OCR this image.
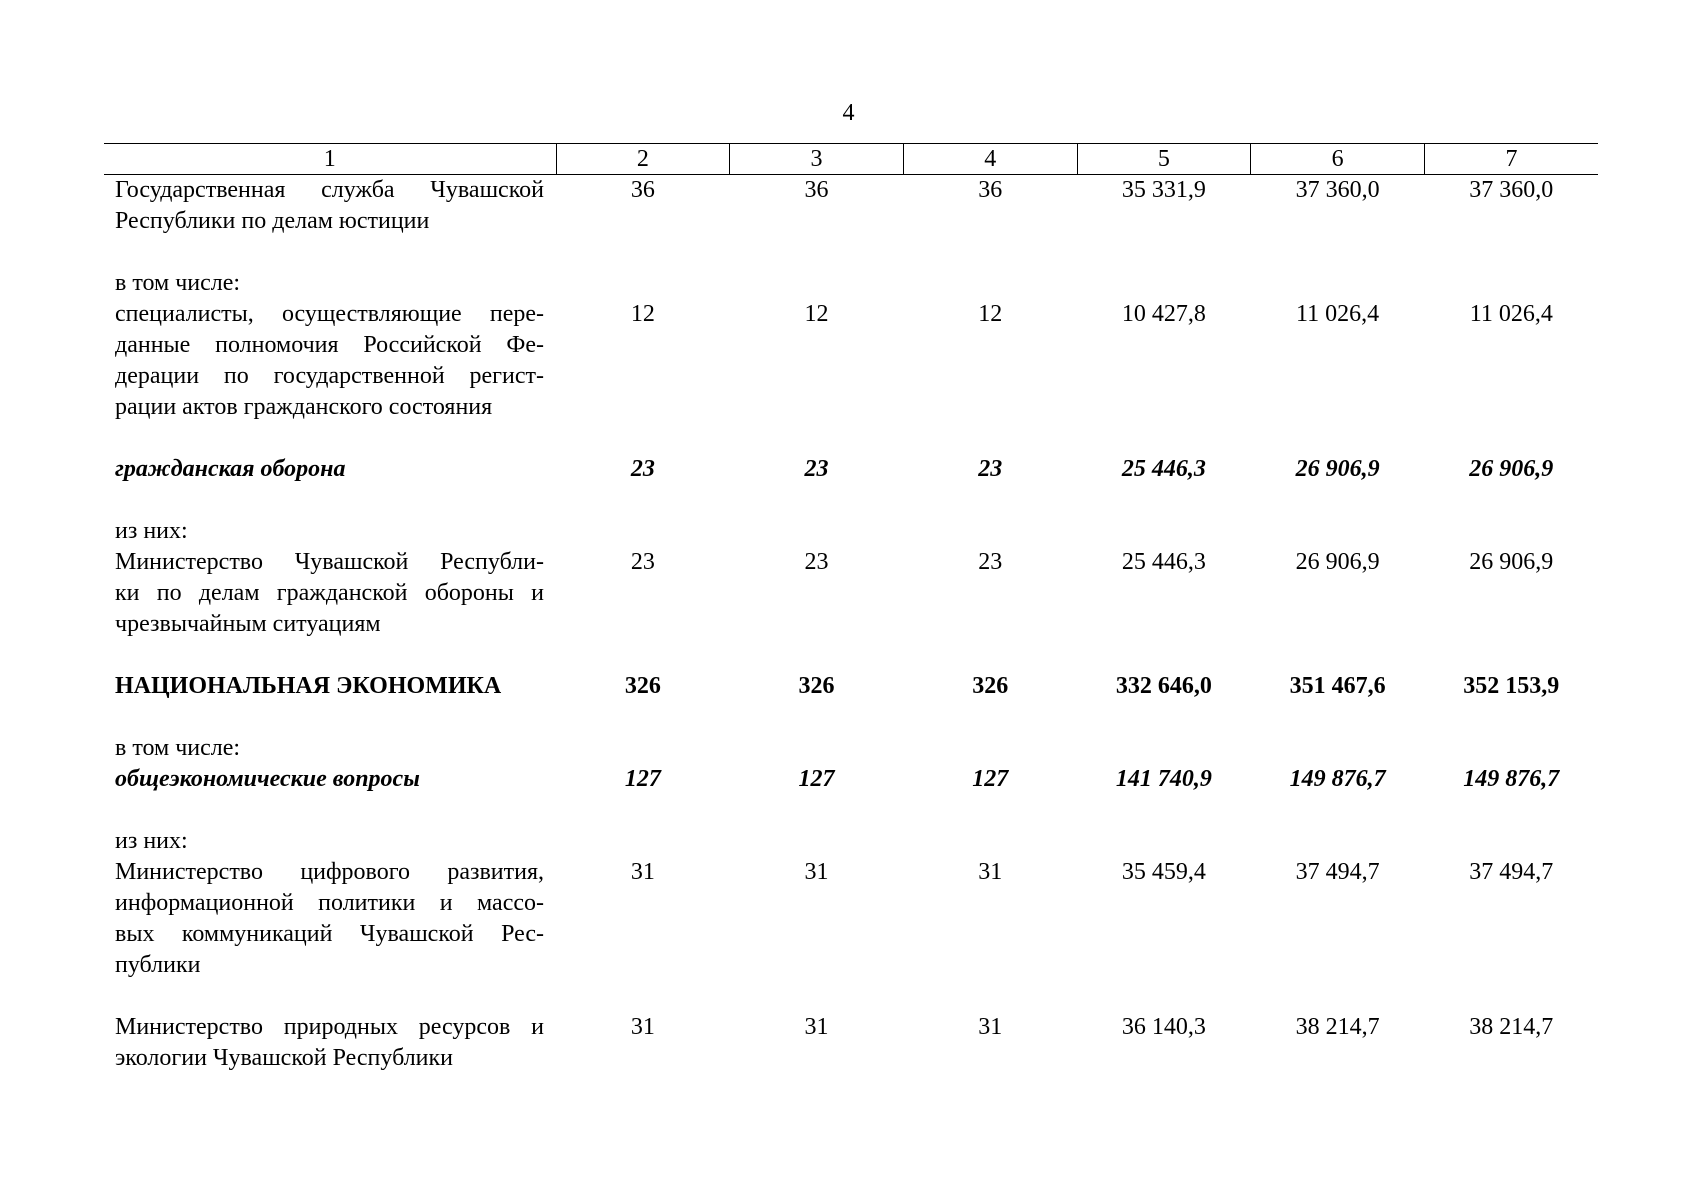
4
1	2	3	4	5	6	7

Государственная служба Чувашской
Республики по делам юстиции	36	36	36	35 331,9	37 360,0	37 360,0

в том числе:						

специалисты, осуществляющие пере-
данные полномочия Российской Фе-
дерации по государственной регист-
рации актов гражданского состояния	12	12	12	10 427,8	11 026,4	11 026,4

гражданская оборона	23	23	23	25 446,3	26 906,9	26 906,9

из них:						

Министерство Чувашской Республи-
ки по делам гражданской обороны и
чрезвычайным ситуациям	23	23	23	25 446,3	26 906,9	26 906,9

НАЦИОНАЛЬНАЯ ЭКОНОМИКА	326	326	326	332 646,0	351 467,6	352 153,9

в том числе:						

общеэкономические вопросы	127	127	127	141 740,9	149 876,7	149 876,7

из них:						

Министерство цифрового развития,
информационной политики и массо-
вых коммуникаций Чувашской Рес-
публики	31	31	31	35 459,4	37 494,7	37 494,7

Министерство природных ресурсов и
экологии Чувашской Республики	31	31	31	36 140,3	38 214,7	38 214,7
